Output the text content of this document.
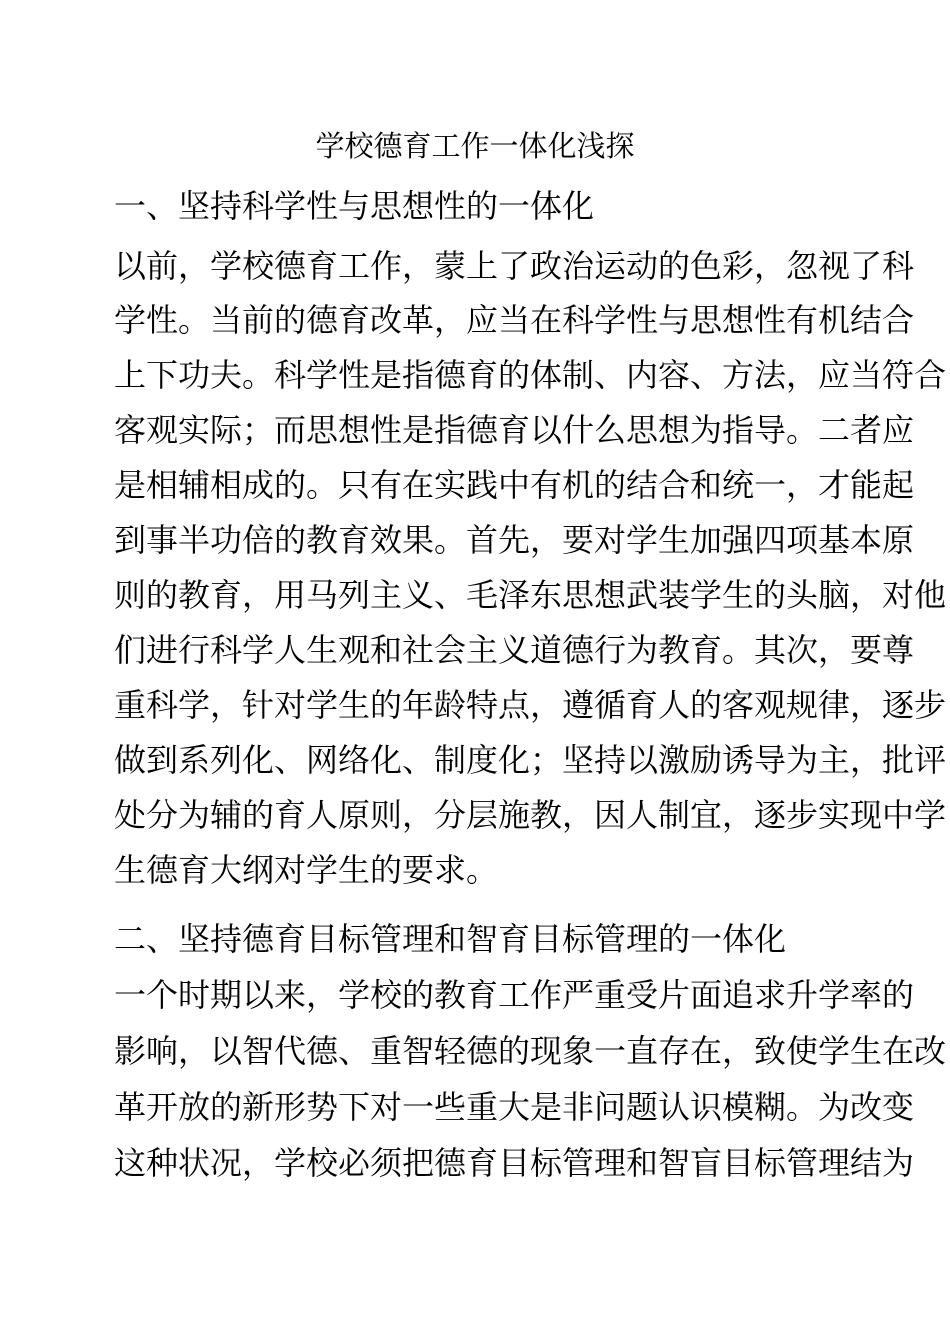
学校德育工作一体化浅探
一、坚持科学性与思想性的一体化
以前，学校德育工作，蒙上了政治运动的色彩，忽视了科
学性。当前的德育改革，应当在科学性与思想性有机结合
上下功夫。科学性是指德育的体制、内容、方法，应当符合
客观实际；而思想性是指德育以什么思想为指导。二者应
是相辅相成的。只有在实践中有机的结合和统一，才能起
到事半功倍的教育效果。首先，要对学生加强四项基本原
则的教育，用马列主义、毛泽东思想武装学生的头脑，对他
们进行科学人生观和社会主义道德行为教育。其次，要尊
重科学，针对学生的年龄特点，遵循育人的客观规律，逐步
做到系列化、网络化、制度化；坚持以激励诱导为主，批评
处分为辅的育人原则，分层施教，因人制宜，逐步实现中学
生德育大纲对学生的要求。
二、坚持德育目标管理和智育目标管理的一体化
一个时期以来，学校的教育工作严重受片面追求升学率的
影响，以智代德、重智轻德的现象一直存在，致使学生在改
革开放的新形势下对一些重大是非问题认识模糊。为改变
这种状况，学校必须把德育目标管理和智盲目标管理结为
